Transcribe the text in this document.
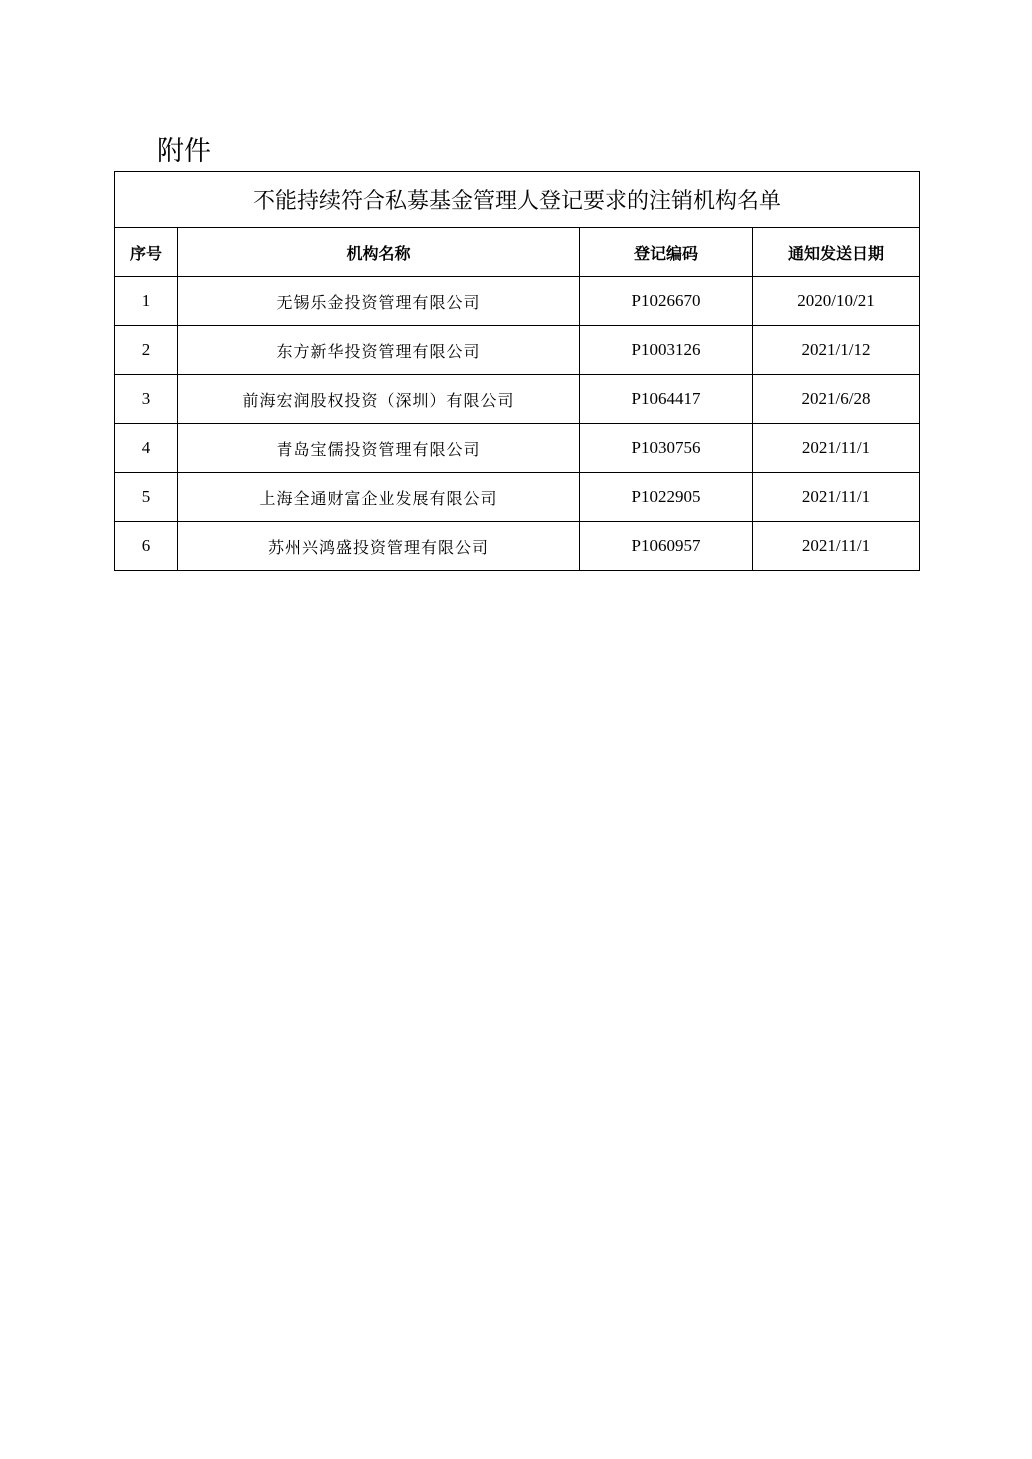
附件
不能持续符合私募基金管理人登记要求的注销机构名单			
序号	机构名称	登记编码	通知发送日期
1	无锡乐金投资管理有限公司	P1026670	2020/10/21
2	东方新华投资管理有限公司	P1003126	2021/1/12
3	前海宏润股权投资（深圳）有限公司	P1064417	2021/6/28
4	青岛宝儒投资管理有限公司	P1030756	2021/11/1
5	上海全通财富企业发展有限公司	P1022905	2021/11/1
6	苏州兴鸿盛投资管理有限公司	P1060957	2021/11/1
